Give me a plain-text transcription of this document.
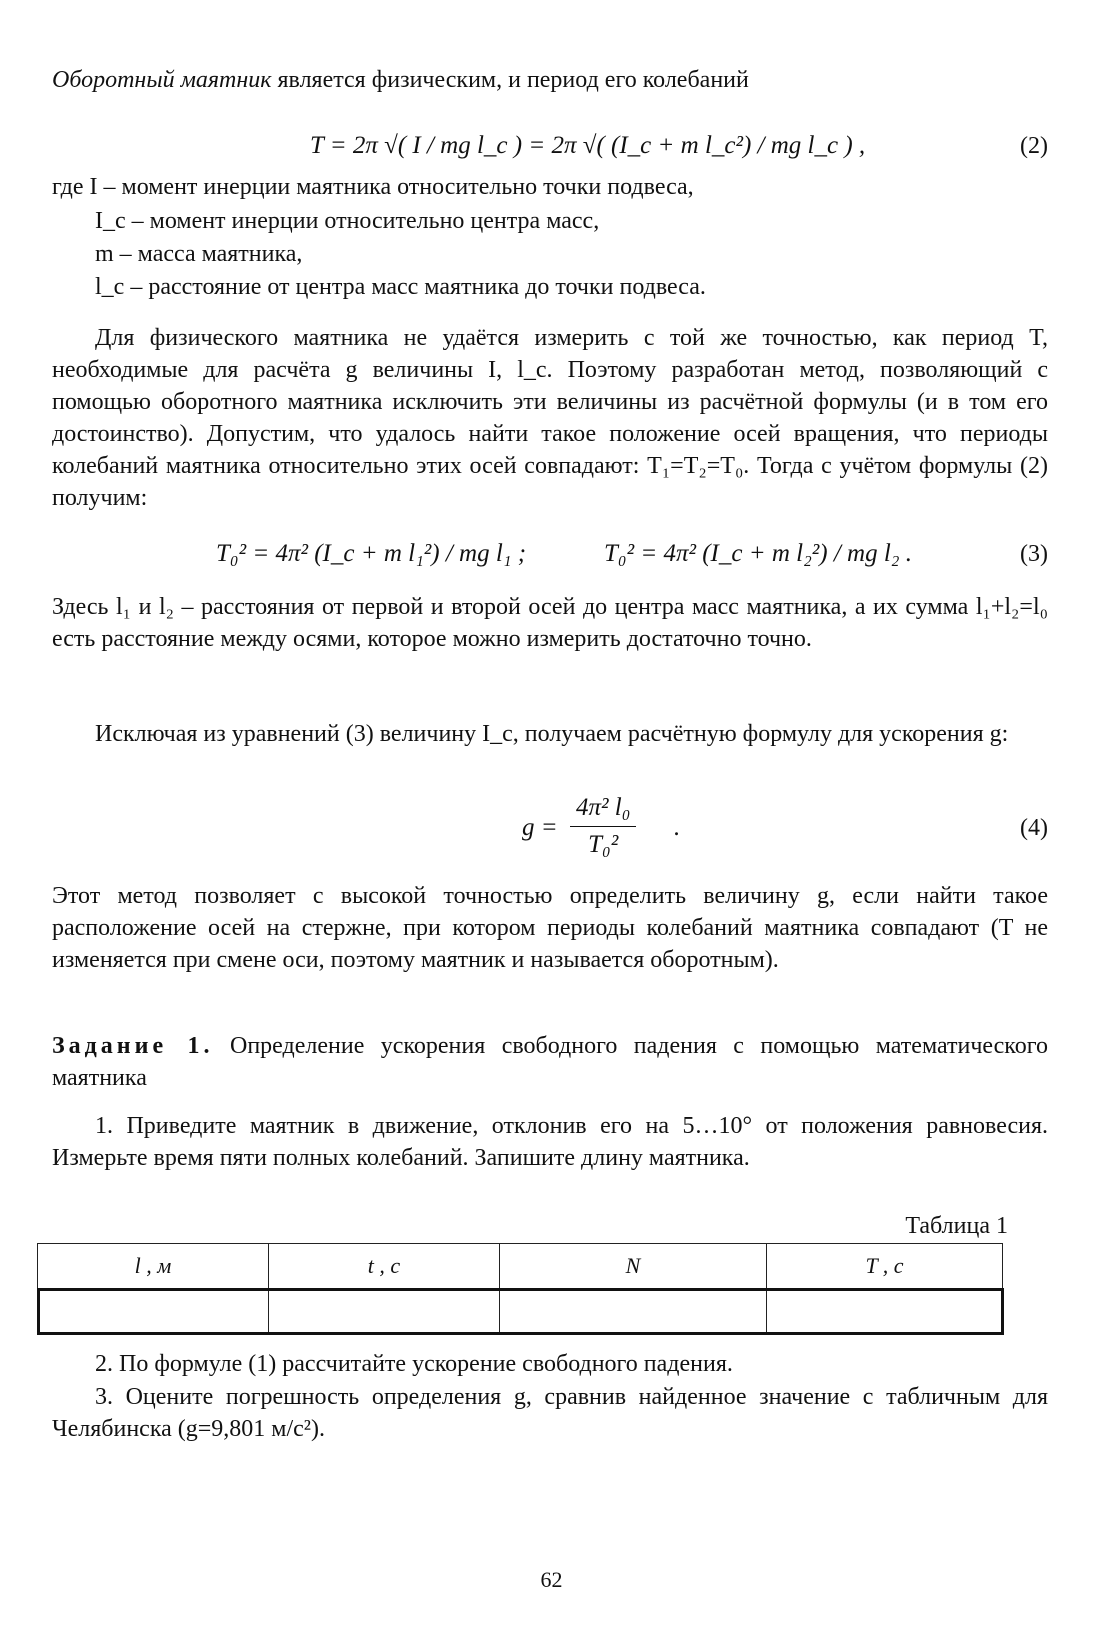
Оборотный маятник является физическим, и период его колебаний

T = 2π √( I / mg l_c ) = 2π √( (I_c + m l_c²) / mg l_c ) ,	(2)

где I – момент инерции маятника относительно точки подвеса,

I_c – момент инерции относительно центра масс,

m – масса маятника,

l_c – расстояние от центра масс маятника до точки подвеса.

Для физического маятника не удаётся измерить с той же точностью, как период T, необходимые для расчёта g величины I, l_c. Поэтому разработан метод, позволяющий с помощью оборотного маятника исключить эти величины из расчётной формулы (и в том его достоинство). Допустим, что удалось найти такое положение осей вращения, что периоды колебаний маятника относительно этих осей совпадают: T₁=T₂=T₀. Тогда с учётом формулы (2) получим:

T₀² = 4π² (I_c + m l₁²) / mg l₁ ;	T₀² = 4π² (I_c + m l₂²) / mg l₂ .	(3)

Здесь l₁ и l₂ – расстояния от первой и второй осей до центра масс маятника, а их сумма l₁+l₂=l₀ есть расстояние между осями, которое можно измерить достаточно точно.

Исключая из уравнений (3) величину I_c, получаем расчётную формулу для ускорения g:

$g = \frac{\text{4π² l₀}}{\text{T₀²}}$ .	(4)

Этот метод позволяет с высокой точностью определить величину g, если найти такое расположение осей на стержне, при котором периоды колебаний маятника совпадают (T не изменяется при смене оси, поэтому маятник и называется оборотным).

Задание 1. Определение ускорения свободного падения с помощью математического маятника

1. Приведите маятник в движение, отклонив его на 5…10° от положения равновесия. Измерьте время пяти полных колебаний. Запишите длину маятника.

Таблица 1
l , м	t , с	N	T , с

2. По формуле (1) рассчитайте ускорение свободного падения.

3. Оцените погрешность определения g, сравнив найденное значение с табличным для Челябинска (g=9,801 м/с²).

62
